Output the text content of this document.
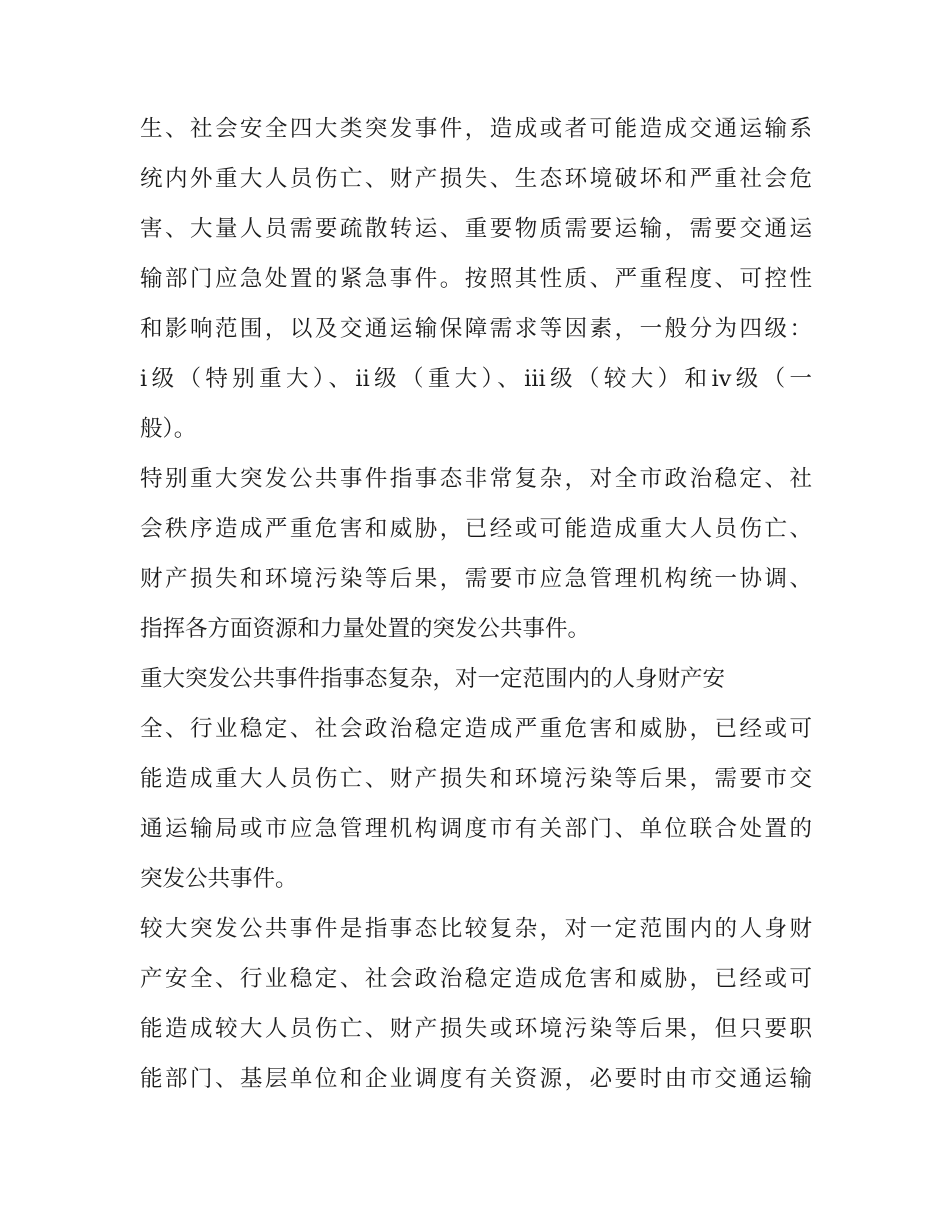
生、社会安全四大类突发事件，造成或者可能造成交通运输系
统内外重大人员伤亡、财产损失、生态环境破坏和严重社会危
害、大量人员需要疏散转运、重要物质需要运输，需要交通运
输部门应急处置的紧急事件。按照其性质、严重程度、可控性
和影响范围，以及交通运输保障需求等因素，一般分为四级：
ⅰ级（特别重大）、ⅱ级（重大）、ⅲ级（较大）和ⅳ级（一
般）。
特别重大突发公共事件指事态非常复杂，对全市政治稳定、社
会秩序造成严重危害和威胁，已经或可能造成重大人员伤亡、
财产损失和环境污染等后果，需要市应急管理机构统一协调、
指挥各方面资源和力量处置的突发公共事件。
重大突发公共事件指事态复杂，对一定范围内的人身财产安
全、行业稳定、社会政治稳定造成严重危害和威胁，已经或可
能造成重大人员伤亡、财产损失和环境污染等后果，需要市交
通运输局或市应急管理机构调度市有关部门、单位联合处置的
突发公共事件。
较大突发公共事件是指事态比较复杂，对一定范围内的人身财
产安全、行业稳定、社会政治稳定造成危害和威胁，已经或可
能造成较大人员伤亡、财产损失或环境污染等后果，但只要职
能部门、基层单位和企业调度有关资源，必要时由市交通运输
